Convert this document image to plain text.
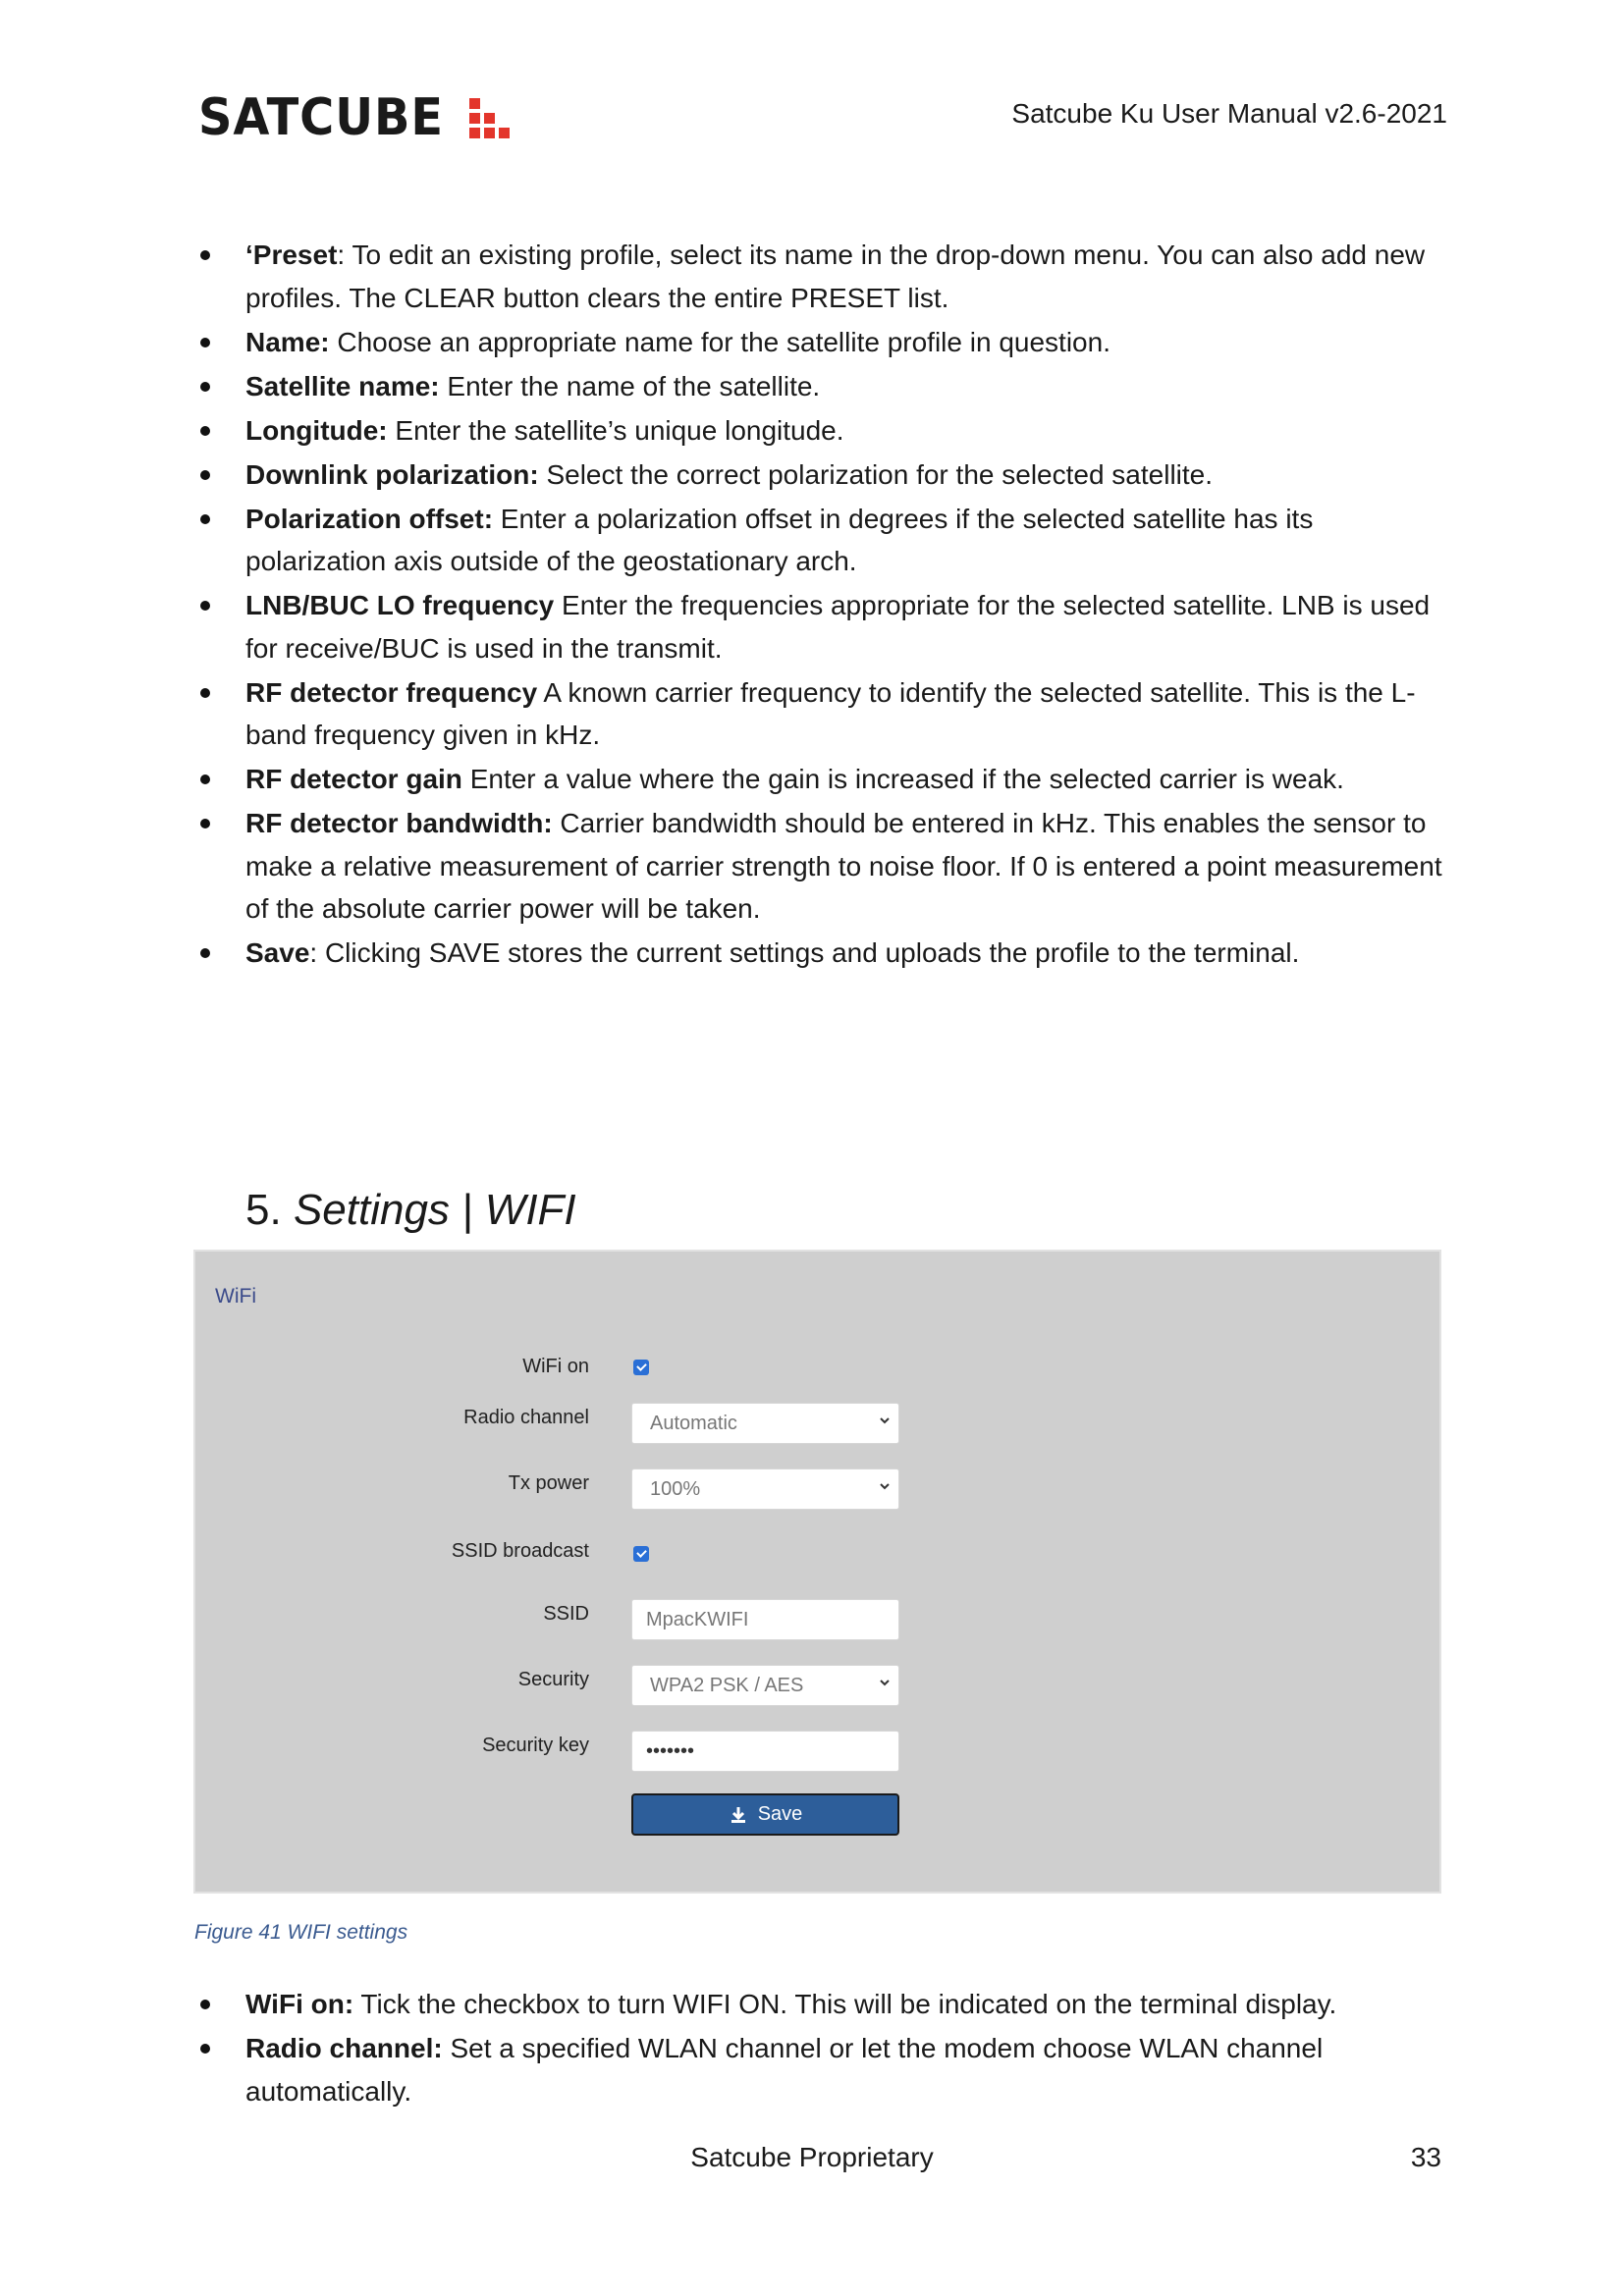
SATCUBE	Satcube Ku User Manual v2.6-2021
‘Preset: To edit an existing profile, select its name in the drop-down menu. You can also add new profiles. The CLEAR button clears the entire PRESET list.
Name: Choose an appropriate name for the satellite profile in question.
Satellite name: Enter the name of the satellite.
Longitude: Enter the satellite’s unique longitude.
Downlink polarization: Select the correct polarization for the selected satellite.
Polarization offset: Enter a polarization offset in degrees if the selected satellite has its polarization axis outside of the geostationary arch.
LNB/BUC LO frequency Enter the frequencies appropriate for the selected satellite. LNB is used for receive/BUC is used in the transmit.
RF detector frequency A known carrier frequency to identify the selected satellite. This is the L-band frequency given in kHz.
RF detector gain Enter a value where the gain is increased if the selected carrier is weak.
RF detector bandwidth: Carrier bandwidth should be entered in kHz. This enables the sensor to make a relative measurement of carrier strength to noise floor. If 0 is entered a point measurement of the absolute carrier power will be taken.
Save: Clicking SAVE stores the current settings and uploads the profile to the terminal.
5. Settings | WIFI
WiFi
WiFi on
Radio channel	Automatic
Tx power	100%
SSID broadcast
SSID	MpacKWIFI
Security	WPA2 PSK / AES
Security key	•••••••
Save
Figure 41 WIFI settings
WiFi on: Tick the checkbox to turn WIFI ON. This will be indicated on the terminal display.
Radio channel: Set a specified WLAN channel or let the modem choose WLAN channel automatically.
Satcube Proprietary	33
